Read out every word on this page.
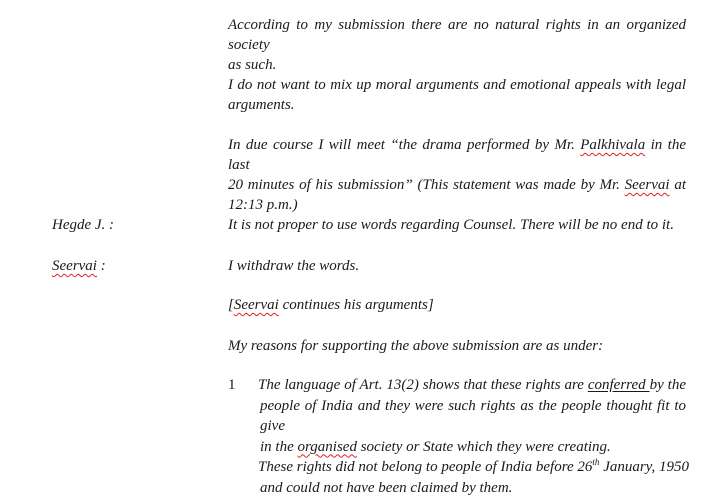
According to my submission there are no natural rights in an organized society
as such.
I do not want to mix up moral arguments and emotional appeals with legal
arguments.
In due course I will meet “the drama performed by Mr. Palkhivala in the last
20 minutes of his submission” (This statement was made by Mr. Seervai at
12:13 p.m.)
Hegde J. :	It is not proper to use words regarding Counsel. There will be no end to it.
Seervai :	I withdraw the words.
[Seervai continues his arguments]
My reasons for supporting the above submission are as under:
1 The language of Art. 13(2) shows that these rights are conferred by the
people of India and they were such rights as the people thought fit to give
in the organised society or State which they were creating.
These rights did not belong to people of India before 26th January, 1950
and could not have been claimed by them.
